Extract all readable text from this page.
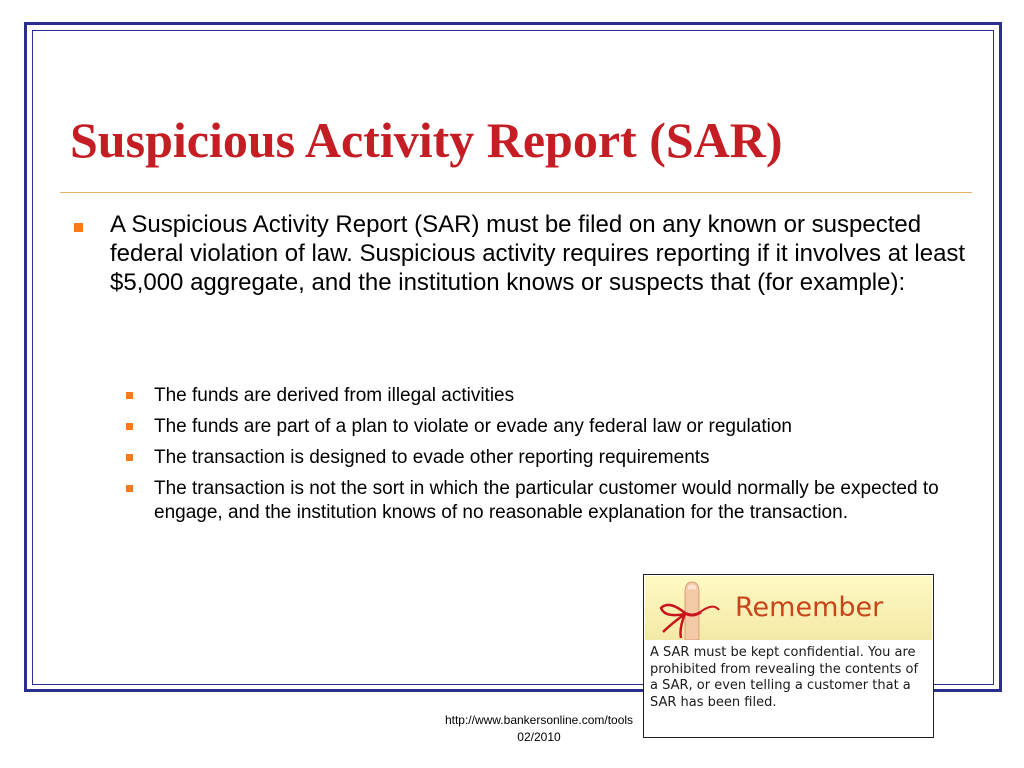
Suspicious Activity Report (SAR)
A Suspicious Activity Report (SAR) must be filed on any known or suspected federal violation of law. Suspicious activity requires reporting if it involves at least $5,000 aggregate, and the institution knows or suspects that (for example):
The funds are derived from illegal activities
The funds are part of a plan to violate or evade any federal law or regulation
The transaction is designed to evade other reporting requirements
The transaction is not the sort in which the particular customer would normally be expected to engage, and the institution knows of no reasonable explanation for the transaction.
Remember
A SAR must be kept confidential. You are prohibited from revealing the contents of a SAR, or even telling a customer that a SAR has been filed.
http://www.bankersonline.com/tools
02/2010
